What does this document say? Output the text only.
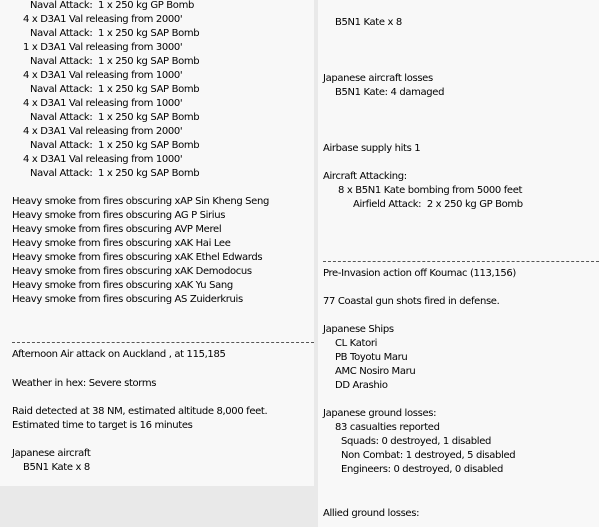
Naval Attack:  1 x 250 kg GP Bomb
4 x D3A1 Val releasing from 2000'
Naval Attack:  1 x 250 kg SAP Bomb
1 x D3A1 Val releasing from 3000'
Naval Attack:  1 x 250 kg SAP Bomb
4 x D3A1 Val releasing from 1000'
Naval Attack:  1 x 250 kg SAP Bomb
4 x D3A1 Val releasing from 1000'
Naval Attack:  1 x 250 kg SAP Bomb
4 x D3A1 Val releasing from 2000'
Naval Attack:  1 x 250 kg SAP Bomb
4 x D3A1 Val releasing from 1000'
Naval Attack:  1 x 250 kg SAP Bomb
Heavy smoke from fires obscuring xAP Sin Kheng Seng
Heavy smoke from fires obscuring AG P Sirius
Heavy smoke from fires obscuring AVP Merel
Heavy smoke from fires obscuring xAK Hai Lee
Heavy smoke from fires obscuring xAK Ethel Edwards
Heavy smoke from fires obscuring xAK Demodocus
Heavy smoke from fires obscuring xAK Yu Sang
Heavy smoke from fires obscuring AS Zuiderkruis
Afternoon Air attack on Auckland , at 115,185
Weather in hex: Severe storms
Raid detected at 38 NM, estimated altitude 8,000 feet.
Estimated time to target is 16 minutes
Japanese aircraft
B5N1 Kate x 8
B5N1 Kate x 8
Japanese aircraft losses
B5N1 Kate: 4 damaged
Airbase supply hits 1
Aircraft Attacking:
8 x B5N1 Kate bombing from 5000 feet
Airfield Attack:  2 x 250 kg GP Bomb
Pre-Invasion action off Koumac (113,156)
77 Coastal gun shots fired in defense.
Japanese Ships
CL Katori
PB Toyotu Maru
AMC Nosiro Maru
DD Arashio
Japanese ground losses:
83 casualties reported
Squads: 0 destroyed, 1 disabled
Non Combat: 1 destroyed, 5 disabled
Engineers: 0 destroyed, 0 disabled
Allied ground losses:
